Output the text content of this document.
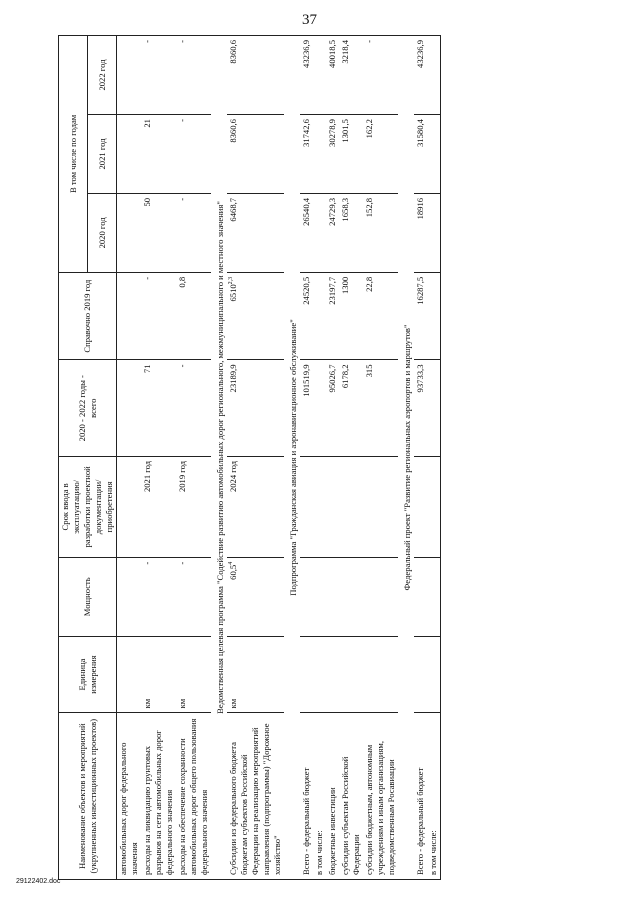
37
Наименование объектов и мероприятий (укрупненных инвестиционных проектов)	Единица измерения	Мощность	Срок ввода в эксплуатацию/ разработки проектной документации/ приобретения	2020 - 2022 годы - всего	Справочно 2019 год	В том числе по годам		
						2020 год	2021 год	2022 год
автомобильных дорог федерального значения								
расходы на ликвидацию грунтовых разрывов на сети автомобильных дорог федерального значения	км	-	2021 год	71	-	50	21	-
расходы на обеспечение сохранности автомобильных дорог общего пользования федерального значения	км	-	2019 год	-	0,8	-	-	-
Ведомственная целевая программа "Содействие развитию автомобильных дорог регионального, межмуниципального и местного значения"								
Субсидии из федерального бюджета бюджетам субъектов Российской Федерации на реализацию мероприятий направления (подпрограммы) "Дорожное хозяйство"	км	60,5$^4$	2024 год	23189,9	6510$^{2,3}$	6468,7	8360,6	8360,6
Подпрограмма "Гражданская авиация и аэронавигационное обслуживание"								
Всего - федеральный бюджет				101519,9	24520,5	26540,4	31742,6	43236,9
в том числе:								
бюджетные инвестиции				95026,7	23197,7	24729,3	30278,9	40018,5
субсидии субъектам Российской Федерации				6178,2	1300	1658,3	1301,5	3218,4
субсидии бюджетным, автономным учреждениям и иным организациям, подведомственным Росавиации				315	22,8	152,8	162,2	-
Федеральный проект "Развитие региональных аэропортов и маршрутов"								
Всего - федеральный бюджет				93733,3	16287,5	18916	31580,4	43236,9
в том числе:								
29122402.doc
